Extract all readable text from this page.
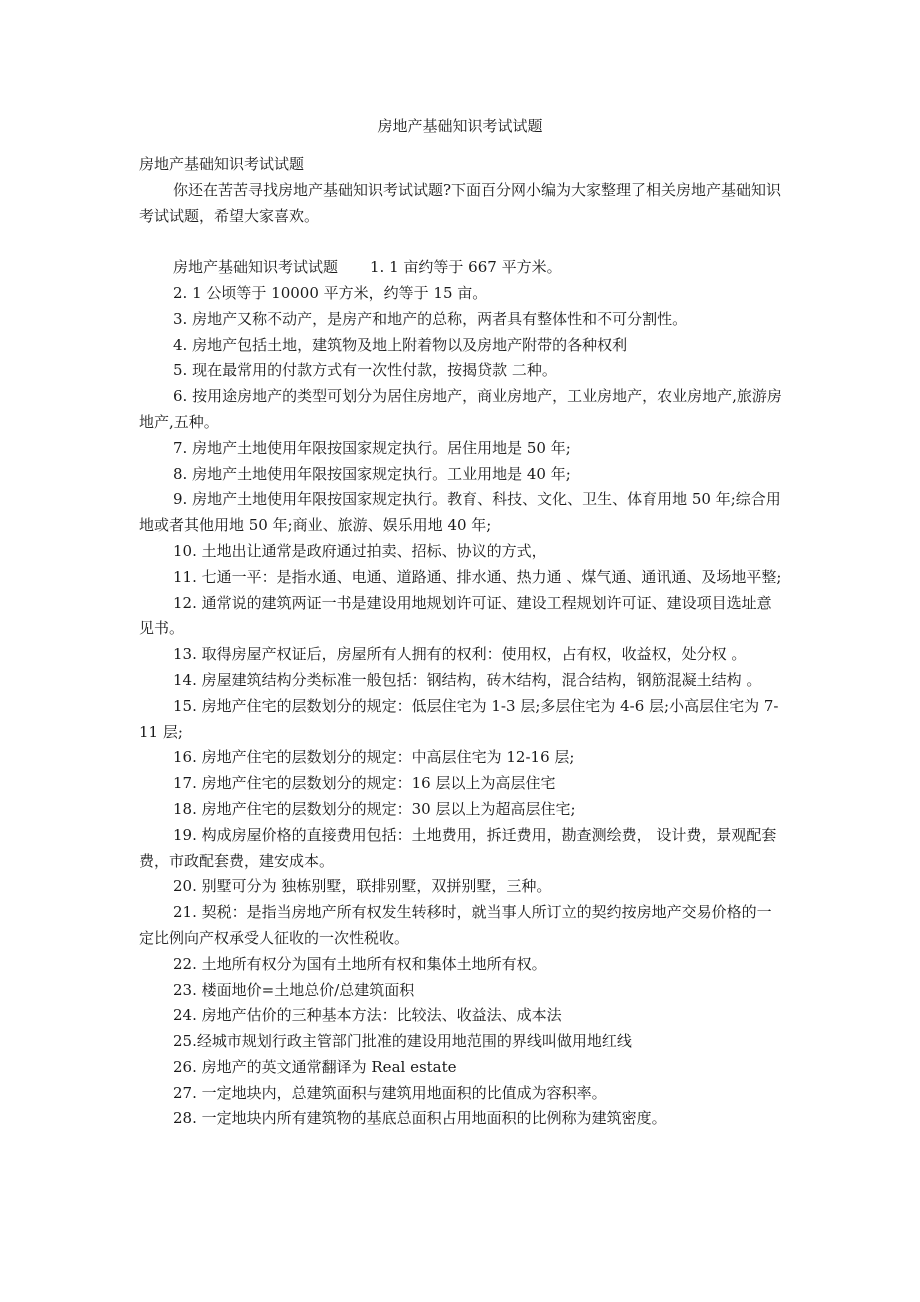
房地产基础知识考试试题

房地产基础知识考试试题

你还在苦苦寻找房地产基础知识考试试题?下面百分网小编为大家整理了相关房地产基础知识考试试题，希望大家喜欢。

房地产基础知识考试试题 1. 1 亩约等于 667 平方米。

2. 1 公顷等于 10000 平方米，约等于 15 亩。

3. 房地产又称不动产，是房产和地产的总称，两者具有整体性和不可分割性。

4. 房地产包括土地，建筑物及地上附着物以及房地产附带的各种权利

5. 现在最常用的付款方式有一次性付款，按揭贷款 二种。

6. 按用途房地产的类型可划分为居住房地产，商业房地产，工业房地产，农业房地产,旅游房地产,五种。

7. 房地产土地使用年限按国家规定执行。居住用地是 50 年;

8. 房地产土地使用年限按国家规定执行。工业用地是 40 年;

9. 房地产土地使用年限按国家规定执行。教育、科技、文化、卫生、体育用地 50 年;综合用地或者其他用地 50 年;商业、旅游、娱乐用地 40 年;

10. 土地出让通常是政府通过拍卖、招标、协议的方式，

11. 七通一平：是指水通、电通、道路通、排水通、热力通 、煤气通、通讯通、及场地平整;

12. 通常说的建筑两证一书是建设用地规划许可证、建设工程规划许可证、建设项目选址意见书。

13. 取得房屋产权证后，房屋所有人拥有的权利：使用权，占有权，收益权，处分权 。

14. 房屋建筑结构分类标准一般包括：钢结构，砖木结构，混合结构，钢筋混凝土结构 。

15. 房地产住宅的层数划分的规定：低层住宅为 1-3 层;多层住宅为 4-6 层;小高层住宅为 7-11 层;

16. 房地产住宅的层数划分的规定：中高层住宅为 12-16 层;

17. 房地产住宅的层数划分的规定：16 层以上为高层住宅

18. 房地产住宅的层数划分的规定：30 层以上为超高层住宅;

19. 构成房屋价格的直接费用包括：土地费用，拆迁费用，勘查测绘费， 设计费，景观配套费，市政配套费，建安成本。

20. 别墅可分为 独栋别墅，联排别墅，双拼别墅，三种。

21. 契税：是指当房地产所有权发生转移时，就当事人所订立的契约按房地产交易价格的一定比例向产权承受人征收的一次性税收。

22. 土地所有权分为国有土地所有权和集体土地所有权。

23. 楼面地价=土地总价/总建筑面积

24. 房地产估价的三种基本方法：比较法、收益法、成本法

25.经城市规划行政主管部门批准的建设用地范围的界线叫做用地红线

26. 房地产的英文通常翻译为 Real estate

27. 一定地块内，总建筑面积与建筑用地面积的比值成为容积率。

28. 一定地块内所有建筑物的基底总面积占用地面积的比例称为建筑密度。
